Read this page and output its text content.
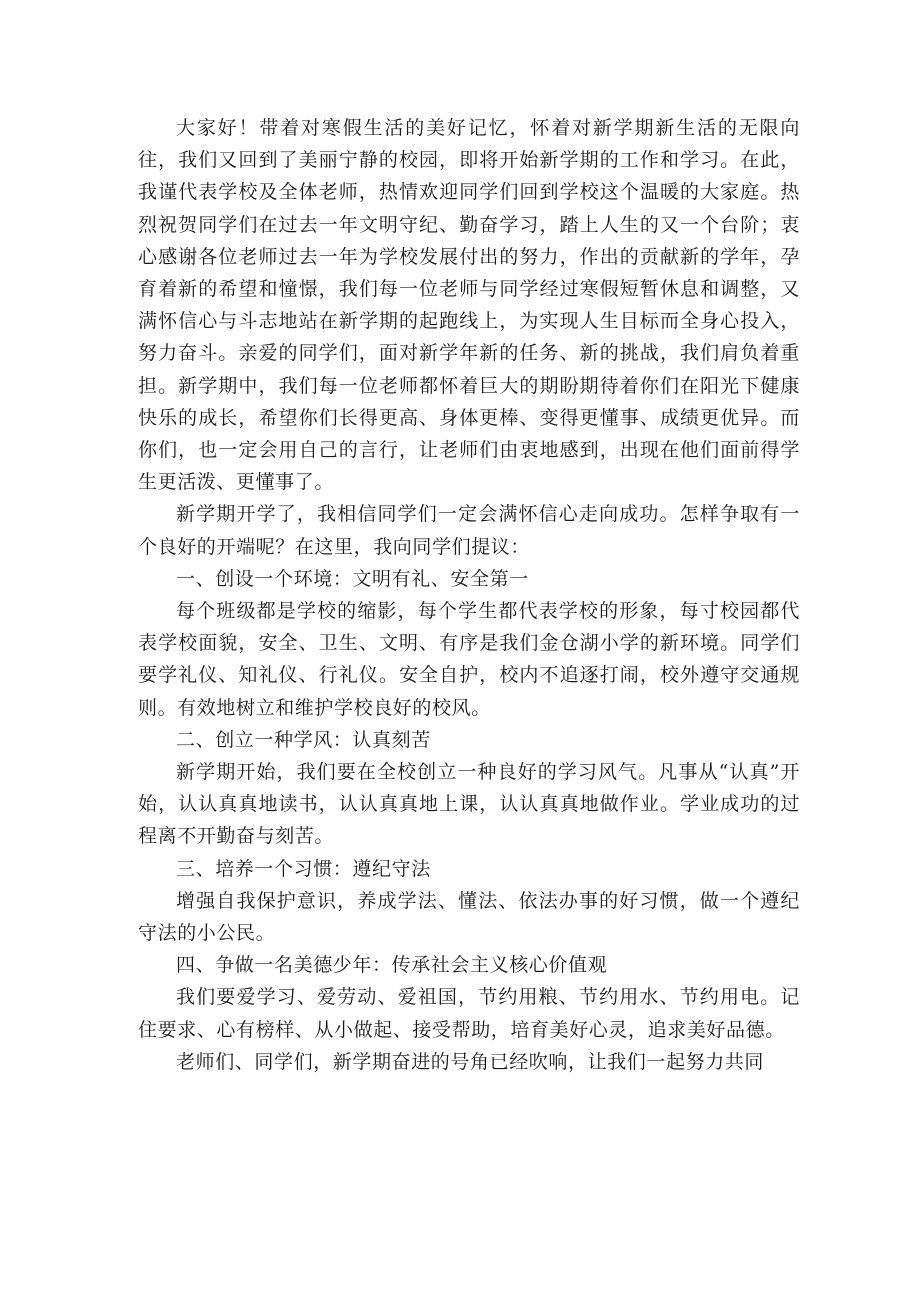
大家好！带着对寒假生活的美好记忆，怀着对新学期新生活的无限向往，我们又回到了美丽宁静的校园，即将开始新学期的工作和学习。在此，我谨代表学校及全体老师，热情欢迎同学们回到学校这个温暖的大家庭。热烈祝贺同学们在过去一年文明守纪、勤奋学习，踏上人生的又一个台阶；衷心感谢各位老师过去一年为学校发展付出的努力，作出的贡献新的学年，孕育着新的希望和憧憬，我们每一位老师与同学经过寒假短暂休息和调整，又满怀信心与斗志地站在新学期的起跑线上，为实现人生目标而全身心投入，努力奋斗。亲爱的同学们，面对新学年新的任务、新的挑战，我们肩负着重担。新学期中，我们每一位老师都怀着巨大的期盼期待着你们在阳光下健康快乐的成长，希望你们长得更高、身体更棒、变得更懂事、成绩更优异。而你们，也一定会用自己的言行，让老师们由衷地感到，出现在他们面前得学生更活泼、更懂事了。

新学期开学了，我相信同学们一定会满怀信心走向成功。怎样争取有一个良好的开端呢？在这里，我向同学们提议：

一、创设一个环境：文明有礼、安全第一

每个班级都是学校的缩影，每个学生都代表学校的形象，每寸校园都代表学校面貌，安全、卫生、文明、有序是我们金仓湖小学的新环境。同学们要学礼仪、知礼仪、行礼仪。安全自护，校内不追逐打闹，校外遵守交通规则。有效地树立和维护学校良好的校风。

二、创立一种学风：认真刻苦

新学期开始，我们要在全校创立一种良好的学习风气。凡事从“认真”开始，认认真真地读书，认认真真地上课，认认真真地做作业。学业成功的过程离不开勤奋与刻苦。

三、培养一个习惯：遵纪守法

增强自我保护意识，养成学法、懂法、依法办事的好习惯，做一个遵纪守法的小公民。

四、争做一名美德少年：传承社会主义核心价值观

我们要爱学习、爱劳动、爱祖国，节约用粮、节约用水、节约用电。记住要求、心有榜样、从小做起、接受帮助，培育美好心灵，追求美好品德。

老师们、同学们，新学期奋进的号角已经吹响，让我们一起努力共同
